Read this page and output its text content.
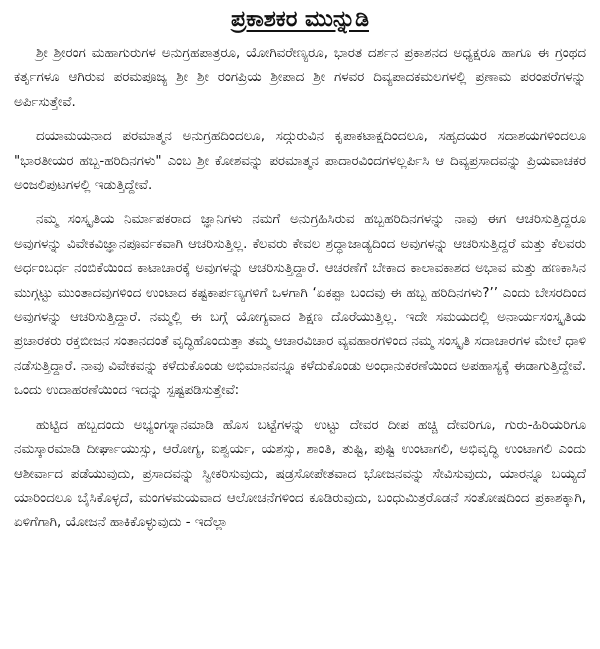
ಪ್ರಕಾಶಕರ ಮುನ್ನುಡಿ

ಶ್ರೀ ಶ್ರೀರಂಗ ಮಹಾಗುರುಗಳ ಅನುಗ್ರಹಪಾತ್ರರೂ, ಯೋಗಿವರೇಣ್ಯರೂ, ಭಾರತ ದರ್ಶನ ಪ್ರಕಾಶನದ ಅಧ್ಯಕ್ಷರೂ ಹಾಗೂ ಈ ಗ್ರಂಥದ ಕರ್ತೃಗಳೂ ಆಗಿರುವ ಪರಮಪೂಜ್ಯ ಶ್ರೀ ಶ್ರೀ ರಂಗಪ್ರಿಯ ಶ್ರೀಪಾದ ಶ್ರೀ ಗಳವರ ದಿವ್ಯಪಾದಕಮಲಗಳಲ್ಲಿ ಪ್ರಣಾಮ ಪರಂಪರೆಗಳನ್ನು ಅರ್ಪಿಸುತ್ತೇವೆ.

ದಯಾಮಯನಾದ ಪರಮಾತ್ಮನ ಅನುಗ್ರಹದಿಂದಲೂ, ಸದ್ಗುರುವಿನ ಕೃಪಾಕಟಾಕ್ಷದಿಂದಲೂ, ಸಹೃದಯರ ಸದಾಶಯಗಳಿಂದಲೂ "ಭಾರತೀಯರ ಹಬ್ಬ-ಹರಿದಿನಗಳು" ಎಂಬ ಶ್ರೀ ಕೋಶವನ್ನು ಪರಮಾತ್ಮನ ಪಾದಾರವಿಂದಗಳಲ್ಲರ್ಪಿಸಿ ಆ ದಿವ್ಯಪ್ರಸಾದವನ್ನು ಪ್ರಿಯವಾಚಕರ ಅಂಜಲಿಪುಟಗಳಲ್ಲಿ ಇಡುತ್ತಿದ್ದೇವೆ.

ನಮ್ಮ ಸಂಸ್ಕೃತಿಯ ನಿರ್ಮಾಪಕರಾದ ಜ್ಞಾನಿಗಳು ನಮಗೆ ಅನುಗ್ರಹಿಸಿರುವ ಹಬ್ಬಹರಿದಿನಗಳನ್ನು ನಾವು ಈಗ ಆಚರಿಸುತ್ತಿದ್ದರೂ ಅವುಗಳನ್ನು ವಿವೇಕವಿಜ್ಞಾನಪೂರ್ವಕವಾಗಿ ಆಚರಿಸುತ್ತಿಲ್ಲ. ಕೆಲವರು ಕೇವಲ ಶ್ರದ್ಧಾಜಾಡ್ಯದಿಂದ ಅವುಗಳನ್ನು ಆಚರಿಸುತ್ತಿದ್ದರೆ ಮತ್ತು ಕೆಲವರು ಅರ್ಧಂಬರ್ಧ ನಂಬಿಕೆಯಿಂದ ಕಾಟಾಚಾರಕ್ಕೆ ಅವುಗಳನ್ನು ಆಚರಿಸುತ್ತಿದ್ದಾರೆ. ಆಚರಣೆಗೆ ಬೇಕಾದ ಕಾಲಾವಕಾಶದ ಅಭಾವ ಮತ್ತು ಹಣಕಾಸಿನ ಮುಗ್ಗಟ್ಟು ಮುಂತಾದವುಗಳಿಂದ ಉಂಟಾದ ಕಷ್ಟಕಾರ್ಪಣ್ಯಗಳಿಗೆ ಒಳಗಾಗಿ ‘ಏಕಪ್ಪಾ ಬಂದವು ಈ ಹಬ್ಬ ಹರಿದಿನಗಳು?’’ ಎಂದು ಬೇಸರದಿಂದ ಅವುಗಳನ್ನು ಆಚರಿಸುತ್ತಿದ್ದಾರೆ. ನಮ್ಮಲ್ಲಿ ಈ ಬಗ್ಗೆ ಯೋಗ್ಯವಾದ ಶಿಕ್ಷಣ ದೊರೆಯುತ್ತಿಲ್ಲ. ಇದೇ ಸಮಯದಲ್ಲಿ ಅನಾರ್ಯಸಂಸ್ಕೃತಿಯ ಪ್ರಚಾರಕರು ರಕ್ತಬೀಜನ ಸಂತಾನದಂತೆ ವೃದ್ಧಿಹೊಂದುತ್ತಾ ತಮ್ಮ ಆಚಾರವಿಚಾರ ವ್ಯವಹಾರಗಳಿಂದ ನಮ್ಮ ಸಂಸ್ಕೃತಿ ಸದಾಚಾರಗಳ ಮೇಲೆ ಧಾಳಿ ನಡೆಸುತ್ತಿದ್ದಾರೆ. ನಾವು ವಿವೇಕವನ್ನು ಕಳೆದುಕೊಂಡು ಅಭಿಮಾನವನ್ನೂ ಕಳೆದುಕೊಂಡು ಅಂಧಾನುಕರಣೆಯಿಂದ ಅಪಹಾಸ್ಯಕ್ಕೆ ಈಡಾಗುತ್ತಿದ್ದೇವೆ. ಒಂದು ಉದಾಹರಣೆಯಿಂದ ಇದನ್ನು ಸ್ಪಷ್ಟಪಡಿಸುತ್ತೇವೆ:

ಹುಟ್ಟಿದ ಹಬ್ಬದಂದು ಅಭ್ಯಂಗಸ್ನಾನಮಾಡಿ ಹೊಸ ಬಟ್ಟೆಗಳನ್ನು ಉಟ್ಟು ದೇವರ ದೀಪ ಹಚ್ಚಿ ದೇವರಿಗೂ, ಗುರು-ಹಿರಿಯರಿಗೂ ನಮಸ್ಕಾರಮಾಡಿ ದೀರ್ಘಾಯುಸ್ಸು, ಆರೋಗ್ಯ, ಐಶ್ವರ್ಯ, ಯಶಸ್ಸು, ಶಾಂತಿ, ತುಷ್ಟಿ, ಪುಷ್ಟಿ ಉಂಟಾಗಲಿ, ಅಭಿವೃದ್ಧಿ ಉಂಟಾಗಲಿ ಎಂದು ಆಶೀರ್ವಾದ ಪಡೆಯುವುದು, ಪ್ರಸಾದವನ್ನು ಸ್ವೀಕರಿಸುವುದು, ಷಡ್ರಸೋಪೇತವಾದ ಭೋಜನವನ್ನು ಸೇವಿಸುವುದು, ಯಾರನ್ನೂ ಬಯ್ಯದೆ ಯಾರಿಂದಲೂ ಬೈಸಿಕೊಳ್ಳದೆ, ಮಂಗಳಮಯವಾದ ಆಲೋಚನೆಗಳಿಂದ ಕೂಡಿರುವುದು, ಬಂಧುಮಿತ್ರರೊಡನೆ ಸಂತೋಷದಿಂದ ಪ್ರಕಾಶಕ್ಕಾಗಿ, ಏಳಿಗೆಗಾಗಿ, ಯೋಜನೆ ಹಾಕಿಕೊಳ್ಳುವುದು - ಇದೆಲ್ಲಾ
